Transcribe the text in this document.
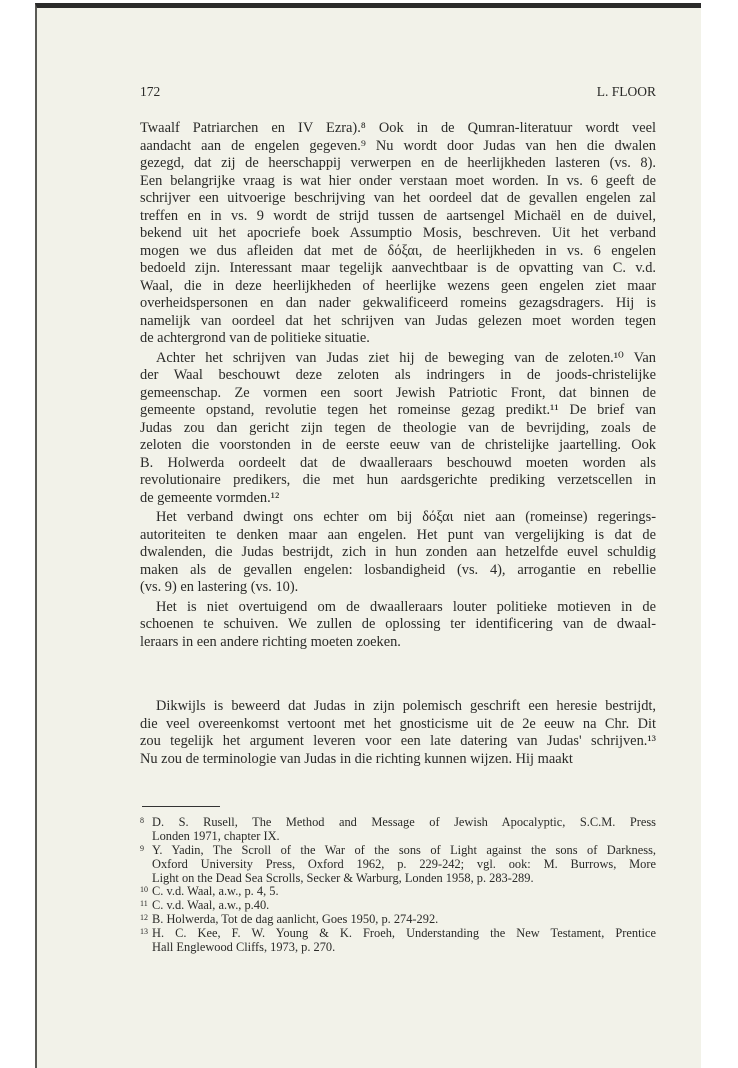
172	L. FLOOR
Twaalf Patriarchen en IV Ezra).⁸ Ook in de Qumran-literatuur wordt veel
aandacht aan de engelen gegeven.⁹ Nu wordt door Judas van hen die dwalen
gezegd, dat zij de heerschappij verwerpen en de heerlijkheden lasteren (vs. 8).
Een belangrijke vraag is wat hier onder verstaan moet worden. In vs. 6 geeft de
schrijver een uitvoerige beschrijving van het oordeel dat de gevallen engelen zal
treffen en in vs. 9 wordt de strijd tussen de aartsengel Michaël en de duivel,
bekend uit het apocriefe boek Assumptio Mosis, beschreven. Uit het verband
mogen we dus afleiden dat met de δόξαι, de heerlijkheden in vs. 6 engelen
bedoeld zijn. Interessant maar tegelijk aanvechtbaar is de opvatting van C. v.d.
Waal, die in deze heerlijkheden of heerlijke wezens geen engelen ziet maar
overheidspersonen en dan nader gekwalificeerd romeins gezagsdragers. Hij is
namelijk van oordeel dat het schrijven van Judas gelezen moet worden tegen
de achtergrond van de politieke situatie.
Achter het schrijven van Judas ziet hij de beweging van de zeloten.¹⁰ Van
der Waal beschouwt deze zeloten als indringers in de joods-christelijke
gemeenschap. Ze vormen een soort Jewish Patriotic Front, dat binnen de
gemeente opstand, revolutie tegen het romeinse gezag predikt.¹¹ De brief van
Judas zou dan gericht zijn tegen de theologie van de bevrijding, zoals de
zeloten die voorstonden in de eerste eeuw van de christelijke jaartelling. Ook
B. Holwerda oordeelt dat de dwaalleraars beschouwd moeten worden als
revolutionaire predikers, die met hun aardsgerichte prediking verzetscellen in
de gemeente vormden.¹²
Het verband dwingt ons echter om bij δόξαι niet aan (romeinse) regerings-
autoriteiten te denken maar aan engelen. Het punt van vergelijking is dat de
dwalenden, die Judas bestrijdt, zich in hun zonden aan hetzelfde euvel schuldig
maken als de gevallen engelen: losbandigheid (vs. 4), arrogantie en rebellie
(vs. 9) en lastering (vs. 10).
Het is niet overtuigend om de dwaalleraars louter politieke motieven in de
schoenen te schuiven. We zullen de oplossing ter identificering van de dwaal-
leraars in een andere richting moeten zoeken.
Dikwijls is beweerd dat Judas in zijn polemisch geschrift een heresie bestrijdt,
die veel overeenkomst vertoont met het gnosticisme uit de 2e eeuw na Chr. Dit
zou tegelijk het argument leveren voor een late datering van Judas' schrijven.¹³
Nu zou de terminologie van Judas in die richting kunnen wijzen. Hij maakt
8 D. S. Rusell, The Method and Message of Jewish Apocalyptic, S.C.M. Press
Londen 1971, chapter IX.
9 Y. Yadin, The Scroll of the War of the sons of Light against the sons of Darkness,
Oxford University Press, Oxford 1962, p. 229-242; vgl. ook: M. Burrows, More
Light on the Dead Sea Scrolls, Secker & Warburg, Londen 1958, p. 283-289.
10 C. v.d. Waal, a.w., p. 4, 5.
11 C. v.d. Waal, a.w., p.40.
12 B. Holwerda, Tot de dag aanlicht, Goes 1950, p. 274-292.
13 H. C. Kee, F. W. Young & K. Froeh, Understanding the New Testament, Prentice
Hall Englewood Cliffs, 1973, p. 270.
